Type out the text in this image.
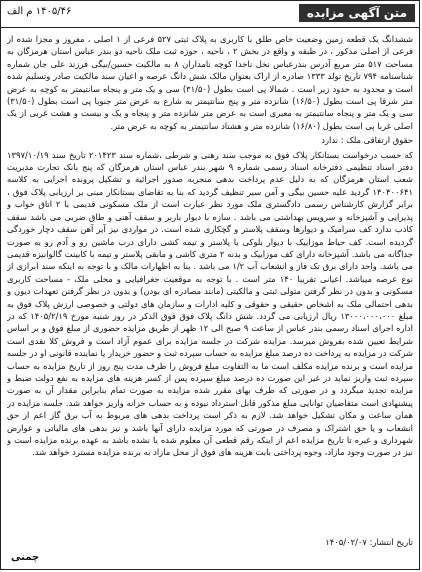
متن آگهی مزایده
۱۴۰۵/۴۶ م الف

ششدانگ یک قطعه زمین وضعیت خاص طلق با کاربری به پلاک ثبتی ۵۲۷ فرعی از ۱ اصلی ، مفروز و مجزا شده از فرعی از اصلی مذکور ، در طبقه و واقع در بخش ۲ ، ناحیه ، حوزه ثبت ملک ناحیه دو بندر عباس استان هرمزگان به مساحت ۵۱۷ متر مربع آدرس بندرعباس نخل ناخدا کوچه نامداران ۸ به مالکیت حسین/بیگی فرزند علی جان شماره شناسنامه ۷۹۴ تاریخ تولد ۱۳۳۳ صادره از اراک بعنوان مالک شش دانگ عرصه و اعیان سند مالکیت صادر وتسلیم شده است و محدود به حدود زیر است . شمالا پی است بطول (۳۱/۵۰) سی و یک متر و پنجاه سانتیمتر به کوچه به عرض متر شرقا پی است بطول (۱۶/۵۰) شانزده متر و پنج سانتیمتر به شارع به عرض متر جنوبا پی است بطول (۳۱/۵۰) سی و یک متر و پنجاه سانتیمتر به معبری است به عرض متر شانزده متر و پنجاه و یک و بیست و هشت غربی از یک اصلی غربا پی است بطول (۱۶/۸۰) شانزده متر و هشتاد سانتیمتر به کوچه به عرض متر.

حقوق ارتفاقی ملک : ندارد

که حسب درخواست بستانکار پلاک فوق به موجب سند رهنی و شرطی ،شماره سند ۲۰۱۴۲۳ تاریخ سند ۱۳۹۷/۱۰/۱۹ دفتر اسناد تنظیمی دفترخانه اسناد رسمی شماره ۹ شهر بندر عباس استان هرمزگان که پنج بانک تجارت مدیریت شعب استان هرمزگان که به دلیل عدم پرداخت بدهی منجربه صدور اجرائیه و تشکیل پرونده اجرایی به کلاسه ۱۴۰۴۰۰۶۴۱ گردید علیه حسین بیگی و آمن سیر تنظیف گردید که بنا به تقاضای بستانکار مبنی بر ارزیابی پلاک فوق ، برابر گزارش کارشناس رسمی دادگستری ملک مورد نظر عبارت است از ملک مسکونی قدیمی با ۲ اتاق خواب و پذیرایی و آشپزخانه و سرویس بهداشتی می باشد . سازه با دیوار باربر و سقف آهنی و طاق ضربی می باشد سقف کاذب ندارد کف سرامیک و دیوارها وسقف پلاستر و گچکاری شده است. در مواردی نیز آیر آهن سقف دچار خوردگی گردیده است. کف حیاط موزاییک با دیوار بلوکی یا پلاستر و تیمه کشی دارای درب ماشین رو و آدم رو به صورت جداگانه می باشد. آشپزخانه دارای کف موزاییک و بدنه ۲ متری کاشی و مابقی پلاستر و تیمه با کابینت گالوانیزه قدیمی می باشد. واحد دارای برق تک فاز و انشعاب آب ۱/۲ می باشد . بنا به اظهارات مالک و با توجه به اینکه سند ابرازی از نوع عرصه میباشد. اعیانی تقریبا ۱۴۰ متر است . با توجه به موقعیت جغرافیایی و محلی ملک - مساحت کاربری مسکونی و بدون در نظر گرفتن متولی ثبتی و مالکیتی (مانند مصادره ای بودن) و بدون در نظر گرفتن تعهدات دیون و بدهی احتمالی ملک به اشخاص حقیقی و حقوقی و کلیه ادارات و سازمان های دولتی و خصوصی ارزش پلاک فوق به مبلغ ۱۳۰۰۰،۰۰۰،۰۰۰ ریال ارزیابی می گردد. شش دانگ پلاک فوق فوق الذکر در روز شنبه مورخ ۱۴۰۵/۲/۱۹ که در اداره اجرای اسناد رسمی بندر عباس از ساعت ۹ صبح الی ۱۲ ظهر از طریق مزایده حضوری از مبلغ فوق و بر اساس شرایط تعیین شده بفروش میرسد. مزایده شرکت در جلسه مزایده برای عموم آزاد است و فروش کلا نقدی است شرکت در مزایده به پرداخت ده درصد مبلغ مزایده به حساب سپرده ثبت و حضور خریدار یا نماینده قانونی او در جلسه مزایده است و برنده مزایده مکلف است ما به التفاوت مبلغ فروش را ظرف مدت پنج روز از تاریخ مزایده به حساب سپرده ثبت واریز نماید در غیر این صورت ده درصد مبلغ سپرده پس از کسر هزینه های مزایده به نفع دولت ضبط و مزایده تجدید میگردد و در صورتی که طرف بهای مقرر شده مزایده به صورت تمام بنابراین مقدار آن به صورت پیشنهادی است متقاضیان توانایی مبلغ مذکور قابل استرداد نبوده و به حساب خزانه واریز خواهد شد. جلسه مزایده در همان ساعت و مکان تشکیل خواهد شد. لازم به ذکر است پرداخت بدهی های مربوط به آب برق گاز اعم از حق انشعاب و یا حق اشتراک و مصرف در صورتی که مورد مزایده دارای آنها باشد و نیز بدهی های مالیاتی و عوارض شهرداری و غیره تا تاریخ مزایده اعم از اینکه رقم قطعی آن معلوم شده یا نشده باشد به عهده برنده مزایده است و نیز در صورت وجود مازاد، وجوه پرداختی بابت هزینه های فوق از محل مازاد به برنده مزایده مسترد خواهد شد.

تاریخ انتشار: ۱۴۰۵/۰۲/۰۷
چمنی
